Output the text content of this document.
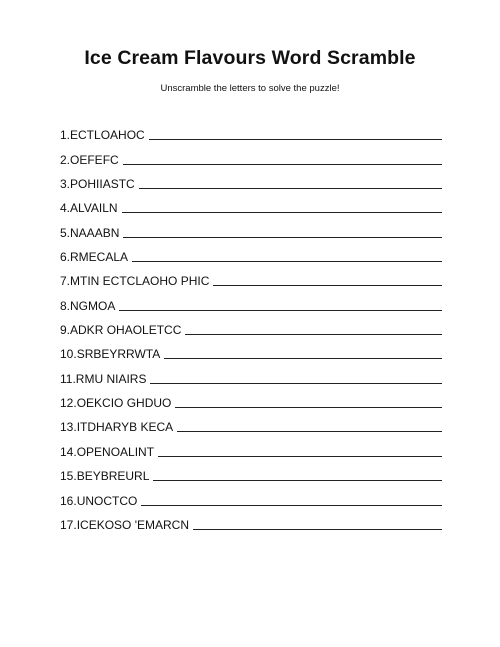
Ice Cream Flavours Word Scramble

Unscramble the letters to solve the puzzle!

1. ECTLOAHOC
2. OEFEFC
3. POHIIASTC
4. ALVAILN
5. NAAABN
6. RMECALA
7. MTIN ECTCLAOHO PHIC
8. NGMOA
9. ADKR OHAOLETCC
10. SRBEYRRWTA
11. RMU NIAIRS
12. OEKCIO GHDUO
13. ITDHARYB KECA
14. OPENOALINT
15. BEYBREURL
16. UNOCTCO
17. ICEKOSO 'EMARCN
